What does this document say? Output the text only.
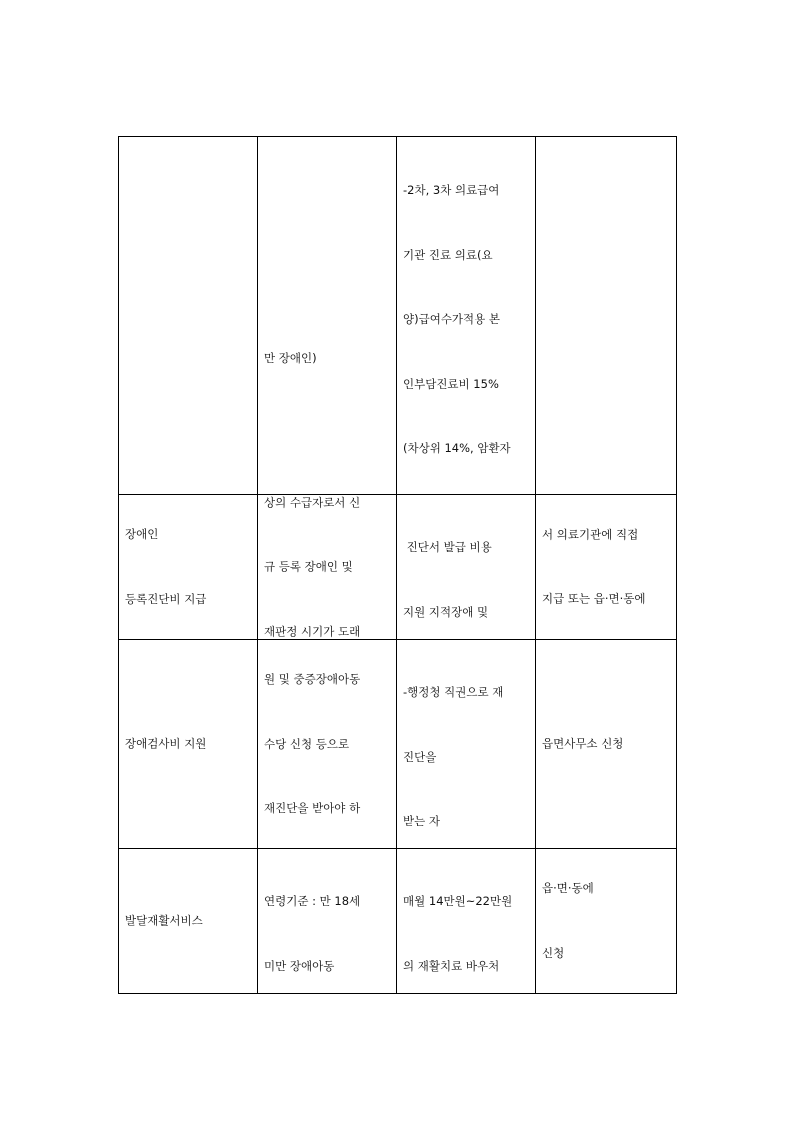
만 장애인)

-2차, 3차 의료급여

기관 진료 의료(요

양)급여수가적용 본

인부담진료비 15%

(차상위 14%, 암환자

장애인

등록진단비 지급

상의 수급자로서 신

규 등록 장애인 및

재판정 시기가 도래

진단서 발급 비용

지원 지적장애 및

서 의료기관에 직접

지급 또는 읍·면·동에

장애검사비 지원

원 및 중증장애아동

수당 신청 등으로

재진단을 받아야 하

-행정청 직권으로 재

진단을

받는 자

읍면사무소 신청

발달재활서비스

연령기준 : 만 18세

미만 장애아동

매월 14만원~22만원

의 재활치료 바우처

읍·면·동에

신청
